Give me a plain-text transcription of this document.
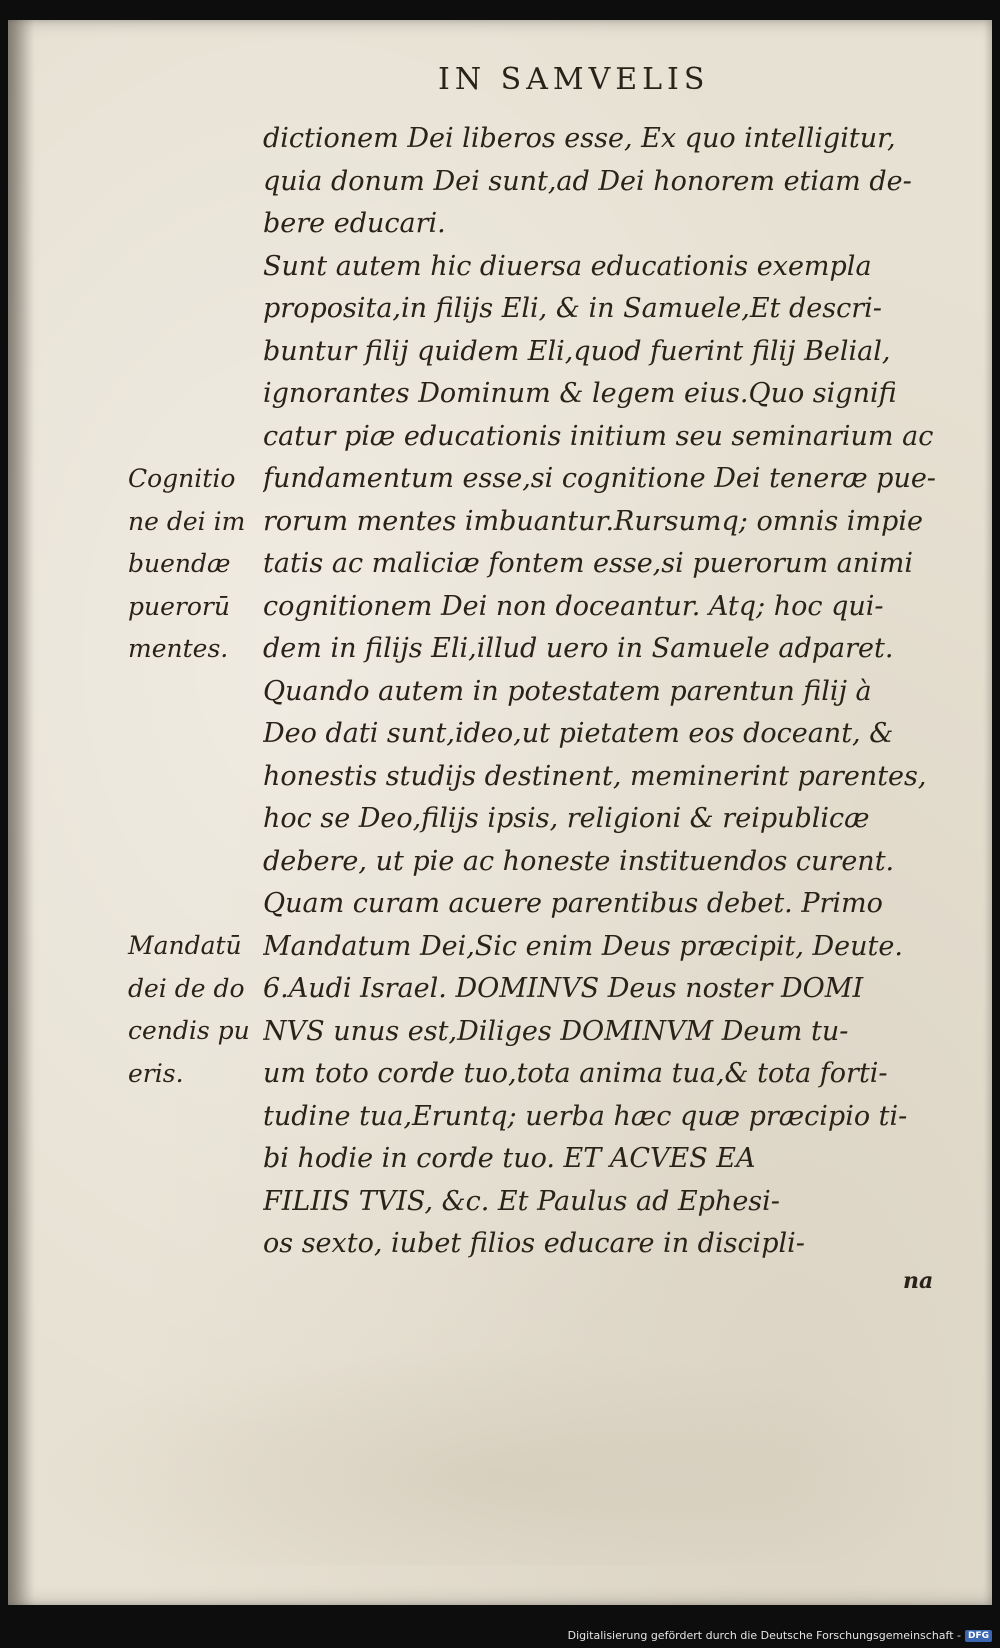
IN SAMVELIS
dictionem Dei liberos esse, Ex quo intelligitur,
quia donum Dei sunt,ad Dei honorem etiam de-
bere educari.
Sunt autem hic diuersa educationis exempla
proposita,in filijs Eli, & in Samuele,Et descri-
buntur filij quidem Eli,quod fuerint filij Belial,
ignorantes Dominum & legem eius.Quo signifi
catur piæ educationis initium seu seminarium ac
fundamentum esse,si cognitione Dei teneræ pue-
rorum mentes imbuantur.Rursumq; omnis impie
tatis ac maliciæ fontem esse,si puerorum animi
cognitionem Dei non doceantur. Atq; hoc qui-
dem in filijs Eli,illud uero in Samuele adparet.
Quando autem in potestatem parentun filij à
Deo dati sunt,ideo,ut pietatem eos doceant, &
honestis studijs destinent, meminerint parentes,
hoc se Deo,filijs ipsis, religioni & reipublicæ
debere, ut pie ac honeste instituendos curent.
Quam curam acuere parentibus debet. Primo
Mandatum Dei,Sic enim Deus præcipit, Deute.
6.Audi Israel. DOMINVS Deus noster DOMI
NVS unus est,Diliges DOMINVM Deum tu-
um toto corde tuo,tota anima tua,& tota forti-
tudine tua,Eruntq; uerba hæc quæ præcipio ti-
bi hodie in corde tuo. ET ACVES EA
FILIIS TVIS, &c. Et Paulus ad Ephesi-
os sexto, iubet filios educare in discipli-
Cognitio
ne dei im
buendæ
puerorū
mentes.
Mandatū
dei de do
cendis pu
eris.
na
Digitalisierung gefördert durch die Deutsche Forschungsgemeinschaft - DFG
